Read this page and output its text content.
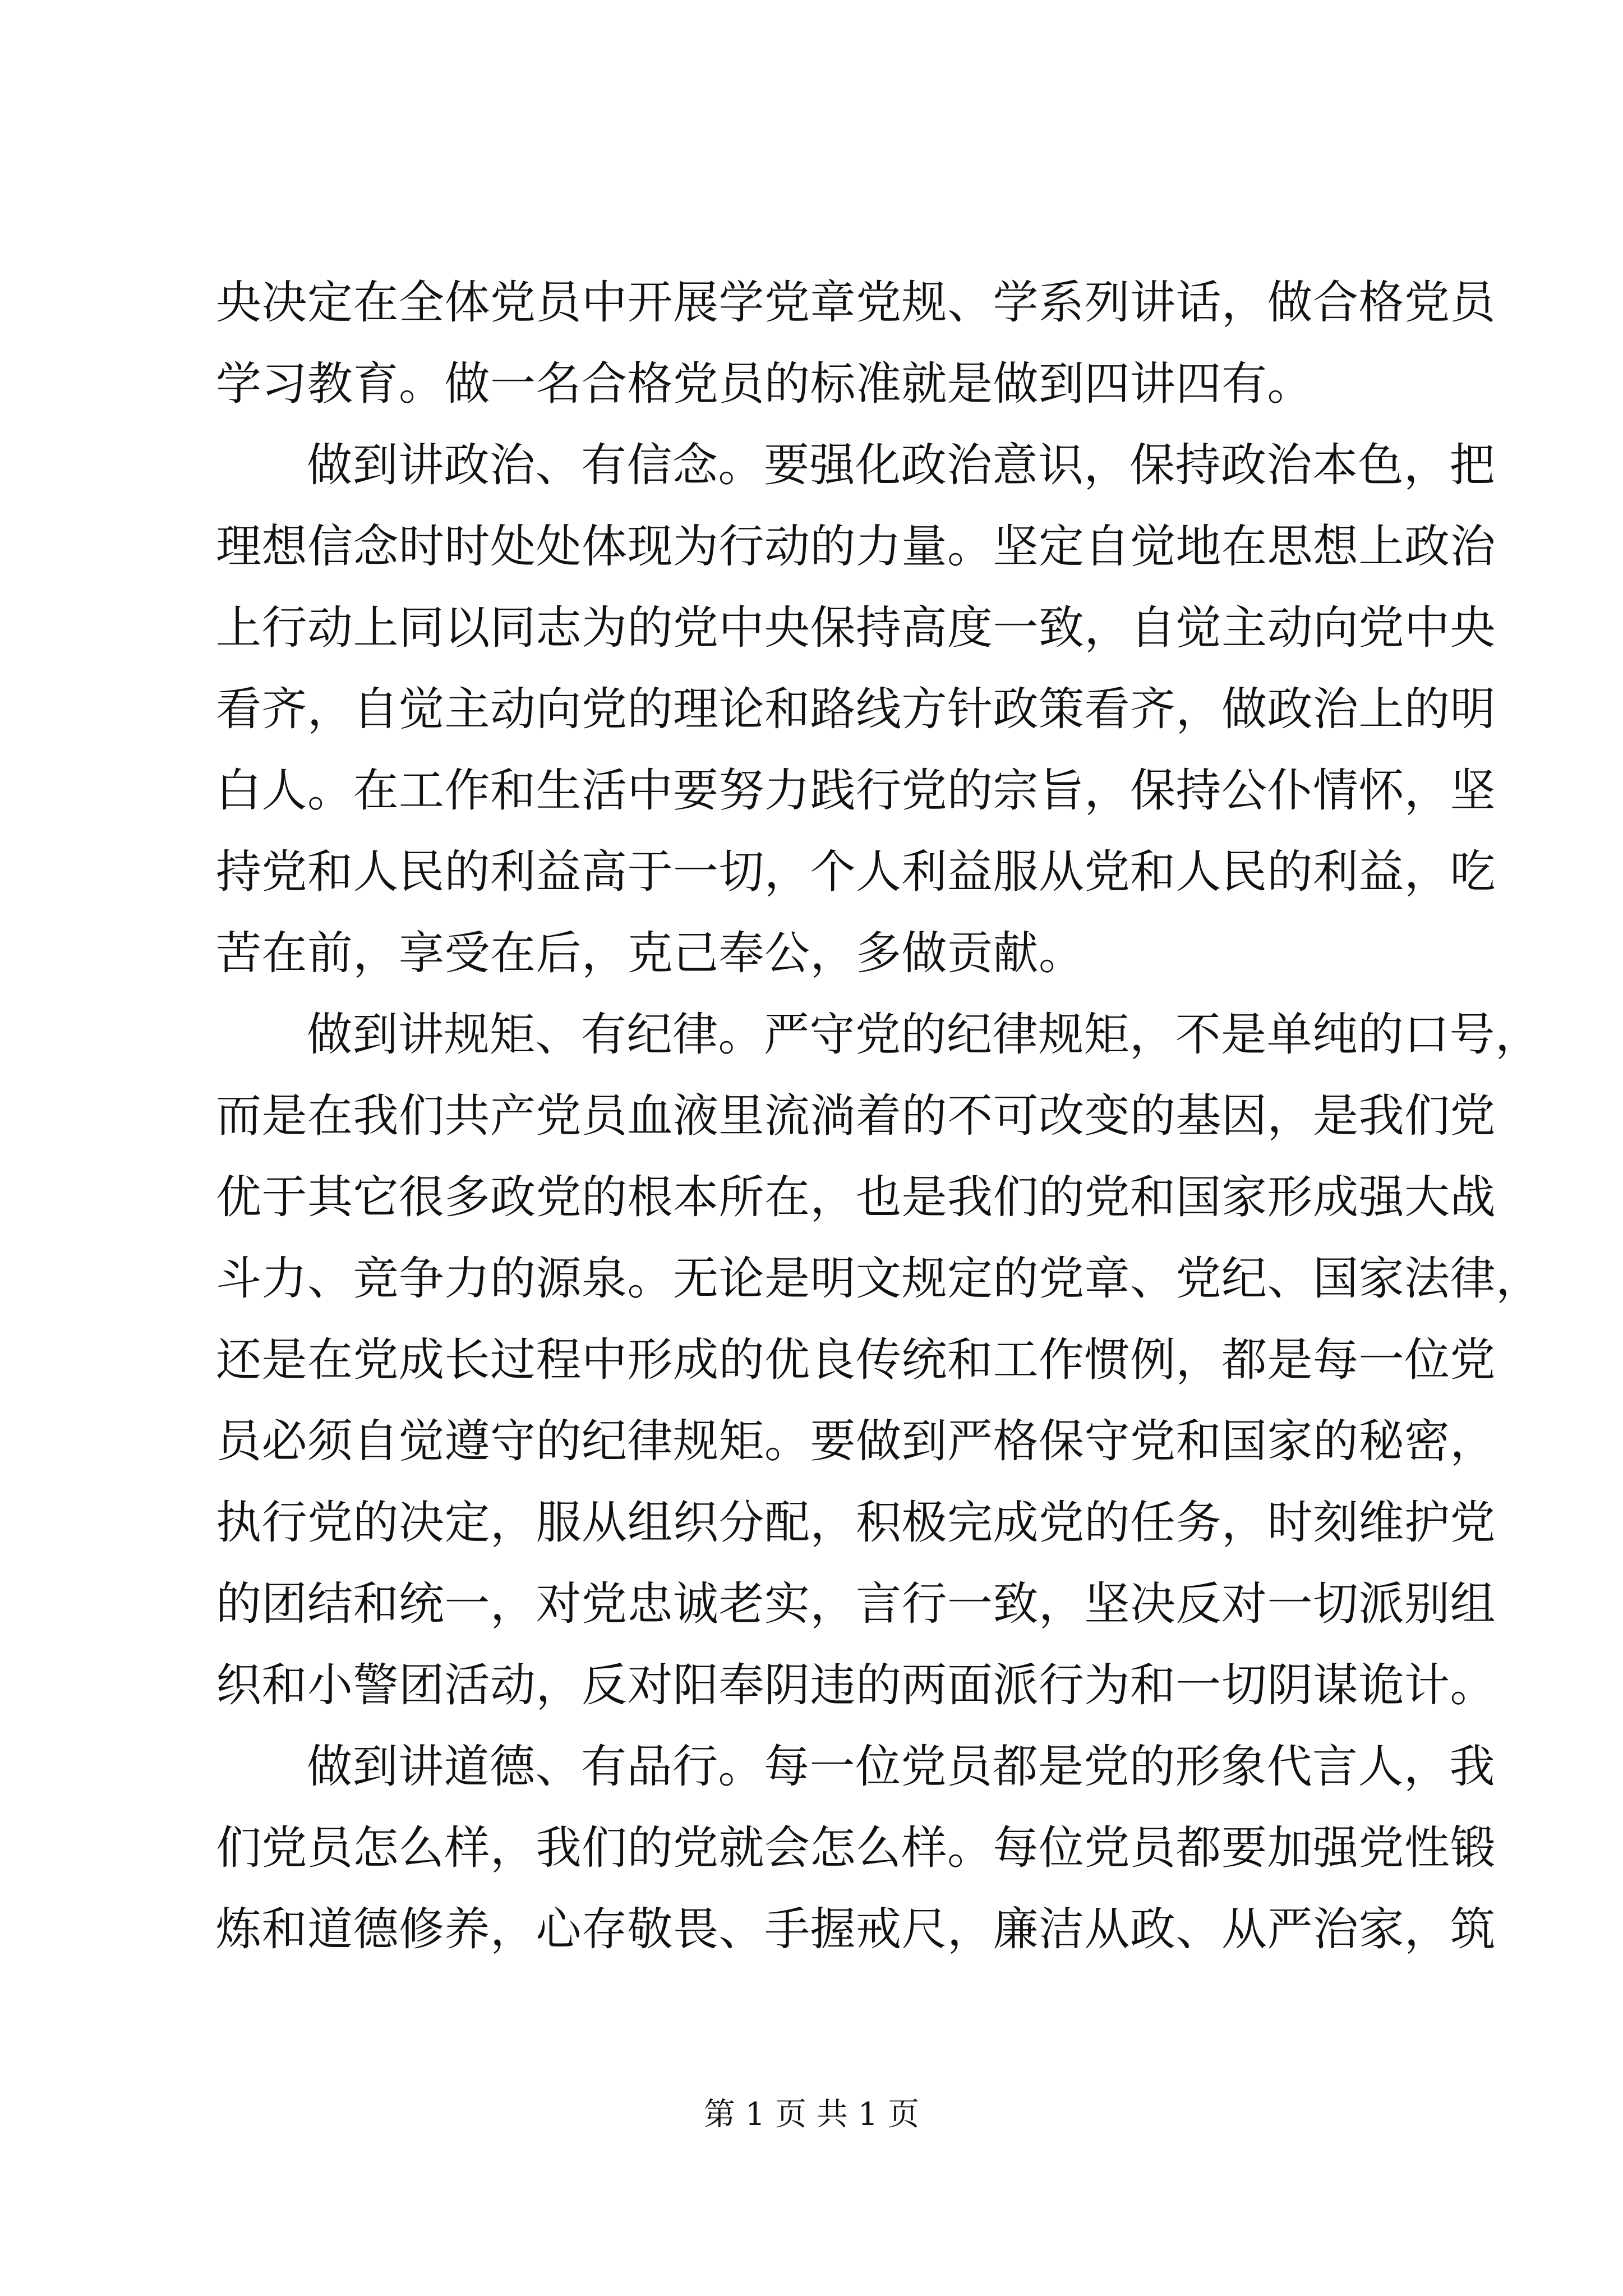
央决定在全体党员中开展学党章党规、学系列讲话，做合格党员
学习教育。做一名合格党员的标准就是做到四讲四有。
做到讲政治、有信念。要强化政治意识，保持政治本色，把
理想信念时时处处体现为行动的力量。坚定自觉地在思想上政治
上行动上同以同志为的党中央保持高度一致，自觉主动向党中央
看齐，自觉主动向党的理论和路线方针政策看齐，做政治上的明
白人。在工作和生活中要努力践行党的宗旨，保持公仆情怀，坚
持党和人民的利益高于一切，个人利益服从党和人民的利益，吃
苦在前，享受在后，克己奉公，多做贡献。
做到讲规矩、有纪律。严守党的纪律规矩，不是单纯的口号，
而是在我们共产党员血液里流淌着的不可改变的基因，是我们党
优于其它很多政党的根本所在，也是我们的党和国家形成强大战
斗力、竞争力的源泉。无论是明文规定的党章、党纪、国家法律，
还是在党成长过程中形成的优良传统和工作惯例，都是每一位党
员必须自觉遵守的纪律规矩。要做到严格保守党和国家的秘密，
执行党的决定，服从组织分配，积极完成党的任务，时刻维护党
的团结和统一，对党忠诚老实，言行一致，坚决反对一切派别组
织和小警团活动，反对阳奉阴违的两面派行为和一切阴谋诡计。
做到讲道德、有品行。每一位党员都是党的形象代言人，我
们党员怎么样，我们的党就会怎么样。每位党员都要加强党性锻
炼和道德修养，心存敬畏、手握戒尺，廉洁从政、从严治家，筑
第 1 页 共 1 页
